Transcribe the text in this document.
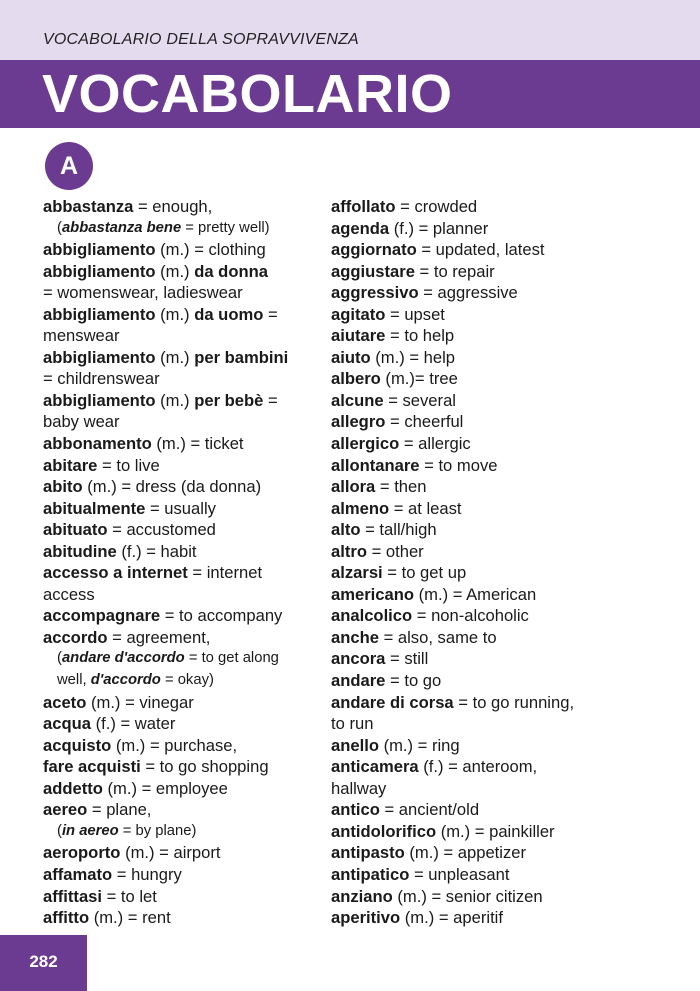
VOCABOLARIO DELLA SOPRAVVIVENZA
VOCABOLARIO
A
abbastanza = enough,
(abbastanza bene = pretty well)
abbigliamento (m.) = clothing
abbigliamento (m.) da donna
= womenswear, ladieswear
abbigliamento (m.) da uomo =
menswear
abbigliamento (m.) per bambini
= childrenswear
abbigliamento (m.) per bebè =
baby wear
abbonamento (m.) = ticket
abitare = to live
abito (m.) = dress (da donna)
abitualmente = usually
abituato = accustomed
abitudine (f.) = habit
accesso a internet = internet
access
accompagnare = to accompany
accordo = agreement,
(andare d'accordo = to get along
well, d'accordo = okay)
aceto (m.) = vinegar
acqua (f.) = water
acquisto (m.) = purchase,
fare acquisti = to go shopping
addetto (m.) = employee
aereo = plane,
(in aereo = by plane)
aeroporto (m.) = airport
affamato = hungry
affittasi = to let
affitto (m.) = rent
affollato = crowded
agenda (f.) = planner
aggiornato = updated, latest
aggiustare = to repair
aggressivo = aggressive
agitato = upset
aiutare = to help
aiuto (m.) = help
albero (m.)= tree
alcune = several
allegro = cheerful
allergico = allergic
allontanare = to move
allora = then
almeno = at least
alto = tall/high
altro = other
alzarsi = to get up
americano (m.) = American
analcolico = non-alcoholic
anche = also, same to
ancora = still
andare = to go
andare di corsa = to go running,
to run
anello (m.) = ring
anticamera (f.) = anteroom,
hallway
antico = ancient/old
antidolorifico (m.) = painkiller
antipasto (m.) = appetizer
antipatico = unpleasant
anziano (m.) = senior citizen
aperitivo (m.) = aperitif
282
